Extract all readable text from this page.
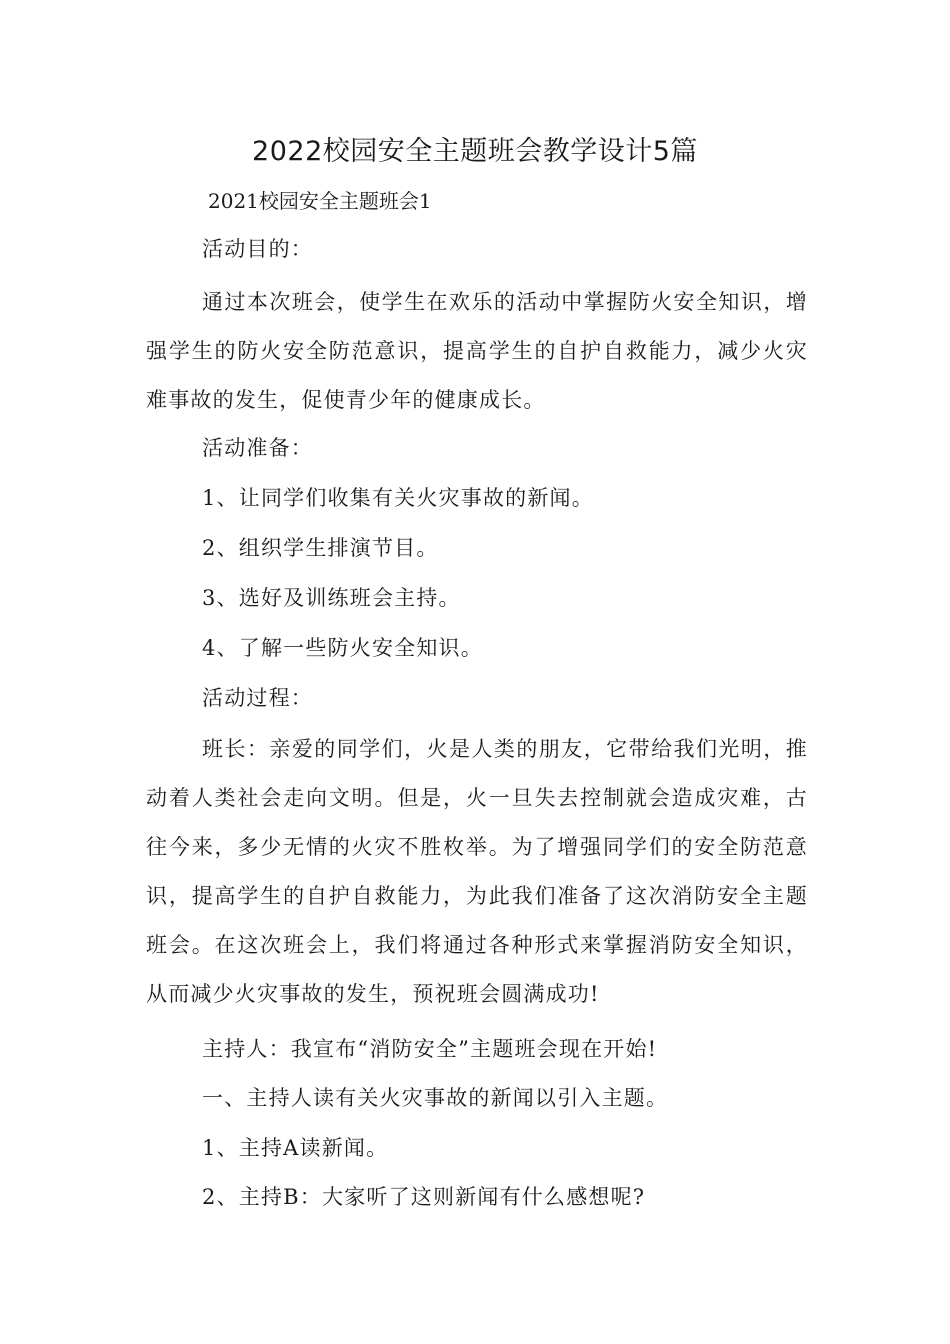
2022校园安全主题班会教学设计5篇

2021校园安全主题班会1

活动目的：

通过本次班会，使学生在欢乐的活动中掌握防火安全知识，增强学生的防火安全防范意识，提高学生的自护自救能力，减少火灾难事故的发生，促使青少年的健康成长。

活动准备：

1、让同学们收集有关火灾事故的新闻。

2、组织学生排演节目。

3、选好及训练班会主持。

4、了解一些防火安全知识。

活动过程：

班长：亲爱的同学们，火是人类的朋友，它带给我们光明，推动着人类社会走向文明。但是，火一旦失去控制就会造成灾难，古往今来，多少无情的火灾不胜枚举。为了增强同学们的安全防范意识，提高学生的自护自救能力，为此我们准备了这次消防安全主题班会。在这次班会上，我们将通过各种形式来掌握消防安全知识，从而减少火灾事故的发生，预祝班会圆满成功!

主持人：我宣布“消防安全”主题班会现在开始!

一、主持人读有关火灾事故的新闻以引入主题。

1、主持A读新闻。

2、主持B：大家听了这则新闻有什么感想呢?
